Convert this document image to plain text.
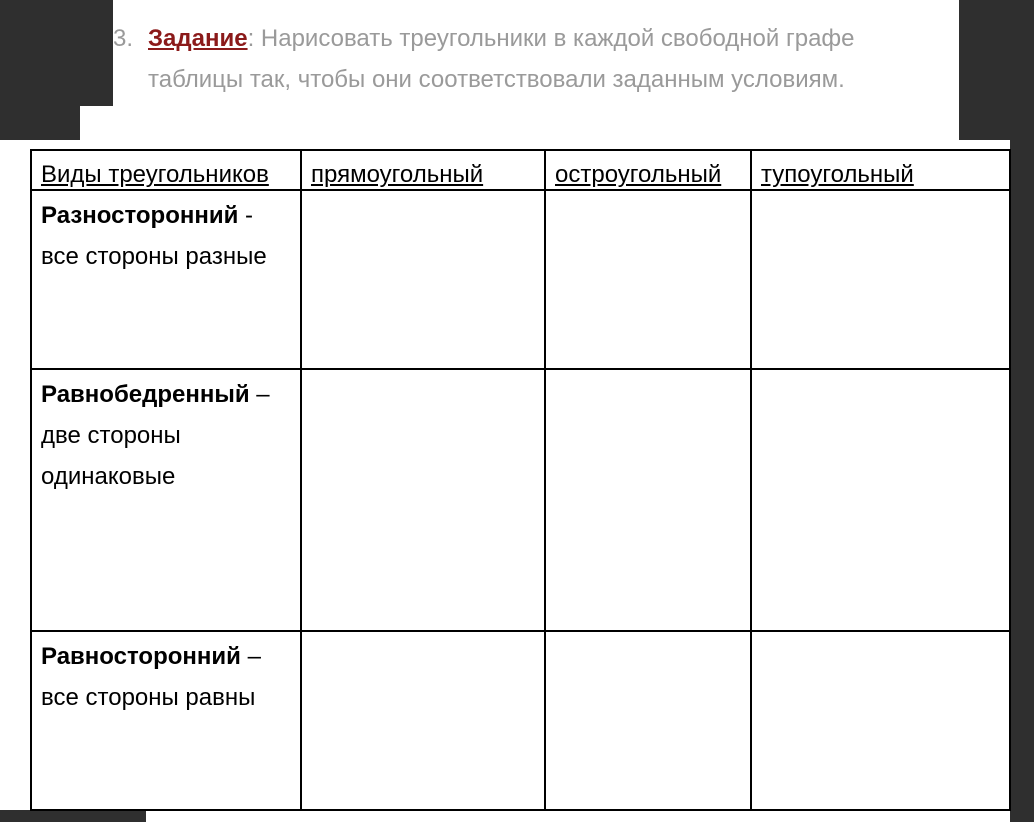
3. Задание: Нарисовать треугольники в каждой свободной графе таблицы так, чтобы они соответствовали заданным условиям.
Виды треугольников	прямоугольный	остроугольный	тупоугольный
Разносторонний -
все стороны разные			
Равнобедренный –
две стороны одинаковые			
Равносторонний –
все стороны равны			
